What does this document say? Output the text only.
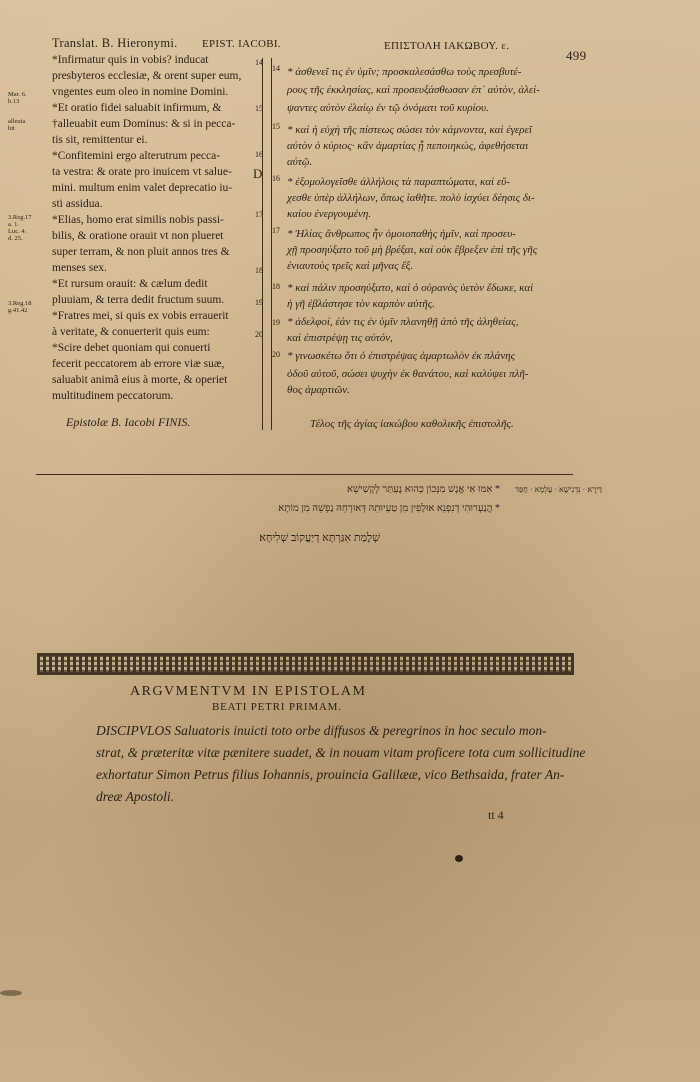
Translat. B. Hieronymi. EPIST. IACOBI.	ΕΠΙΣΤΟΛΗ ΙΑΚΩΒΟΥ. ε.
499
Mar. 6.
b.13
alleuia
bit
3.Reg.17
a. 1.
Luc. 4.
d. 25.
3.Reg.18
g.41.42
*Infirmatur quis in vobis? inducat
presbyteros ecclesiæ, & orent super eum,
vngentes eum oleo in nomine Domini.
*Et oratio fidei saluabit infirmum, &
†alleuabit eum Dominus: & si in pecca-
tis sit, remittentur ei.
*Confitemini ergo alterutrum pecca-
ta vestra: & orate pro inuicem vt salue-
mini. multum enim valet deprecatio iu-
sti assidua.
*Elias, homo erat similis nobis passi-
bilis, & oratione orauit vt non plueret
super terram, & non pluit annos tres &
menses sex.
*Et rursum orauit: & cælum dedit
pluuiam, & terra dedit fructum suum.
*Fratres mei, si quis ex vobis errauerit
à veritate, & conuerterit quis eum:
*Scire debet quoniam qui conuerti
fecerit peccatorem ab errore viæ suæ,
saluabit animã eius à morte, & operiet
multitudinem peccatorum.
Epistolæ B. Iacobi FINIS.
14
15
16
D
17
18
19
20
14
15
16
17
18
19
20
* ἀσθενεῖ τις ἐν ὑμῖν; προσκαλεσάσθω τοὺς πρεσβυτέ-
ρους τῆς ἐκκλησίας, καὶ προσευξάσθωσαν ἐπ᾽ αὐτὸν, ἀλεί-
ψαντες αὐτὸν ἐλαίῳ ἐν τῷ ὀνόματι τοῦ κυρίου.
* καὶ ἡ εὐχὴ τῆς πίστεως σώσει τὸν κάμνοντα, καὶ ἐγερεῖ
αὐτὸν ὁ κύριος· κἂν ἁμαρτίας ᾖ πεποιηκώς, ἀφεθήσεται
αὐτῷ.
* ἐξομολογεῖσθε ἀλλήλοις τὰ παραπτώματα, καὶ εὔ-
χεσθε ὑπὲρ ἀλλήλων, ὅπως ἰαθῆτε. πολὺ ἰσχύει δέησις δι-
καίου ἐνεργουμένη.
* Ἠλίας ἄνθρωπος ἦν ὁμοιοπαθὴς ἡμῖν, καὶ προσευ-
χῇ προσηύξατο τοῦ μὴ βρέξαι, καὶ οὐκ ἔβρεξεν ἐπὶ τῆς γῆς
ἐνιαυτοὺς τρεῖς καὶ μῆνας ἕξ.
* καὶ πάλιν προσηύξατο, καὶ ὁ οὐρανὸς ὑετὸν ἔδωκε, καὶ
ἡ γῆ ἐβλάστησε τὸν καρπὸν αὐτῆς.
* ἀδελφοί, ἐάν τις ἐν ὑμῖν πλανηθῇ ἀπὸ τῆς ἀληθείας,
καὶ ἐπιστρέψῃ τις αὐτόν,
* γινωσκέτω ὅτι ὁ ἐπιστρέψας ἁμαρτωλὸν ἐκ πλάνης
ὁδοῦ αὐτοῦ, σώσει ψυχὴν ἐκ θανάτου, καὶ καλύψει πλῆ-
θος ἁμαρτιῶν.
Τέλος τῆς ἁγίας ἰακώβου καθολικῆς ἐπιστολῆς.
* אִמּוּ אִי אֱנָשׁ מִנְּכוֹן כְּהוּא נֶעְתַּר לְקָשִׁישֵׁא
* הֲנַעְרוּהִי דְנִפְנֵא אוּלָפִין מִן טַעְיוּתֵהּ דְּאוּרְחֵהּ נַפְשֵׁהּ מִן מוֹתָא
שְׁלֶמַת אִגַּרְתָּא דְיַעֲקוֹב שְׁלִיחָא׃
דַּיְרָא · נִדְנִישָׁא · עַלְמָא · חָפַּד
ARGVMENTVM IN EPISTOLAM
BEATI PETRI PRIMAM.
DISCIPVLOS Saluatoris inuicti toto orbe diffusos & peregrinos in hoc seculo mon-
strat, & præteritæ vitæ pænitere suadet, & in nouam vitam proficere tota cum sollicitudine
exhortatur Simon Petrus filius Iohannis, prouincia Galilææ, vico Bethsaida, frater An-
dreæ Apostoli.
tt 4
